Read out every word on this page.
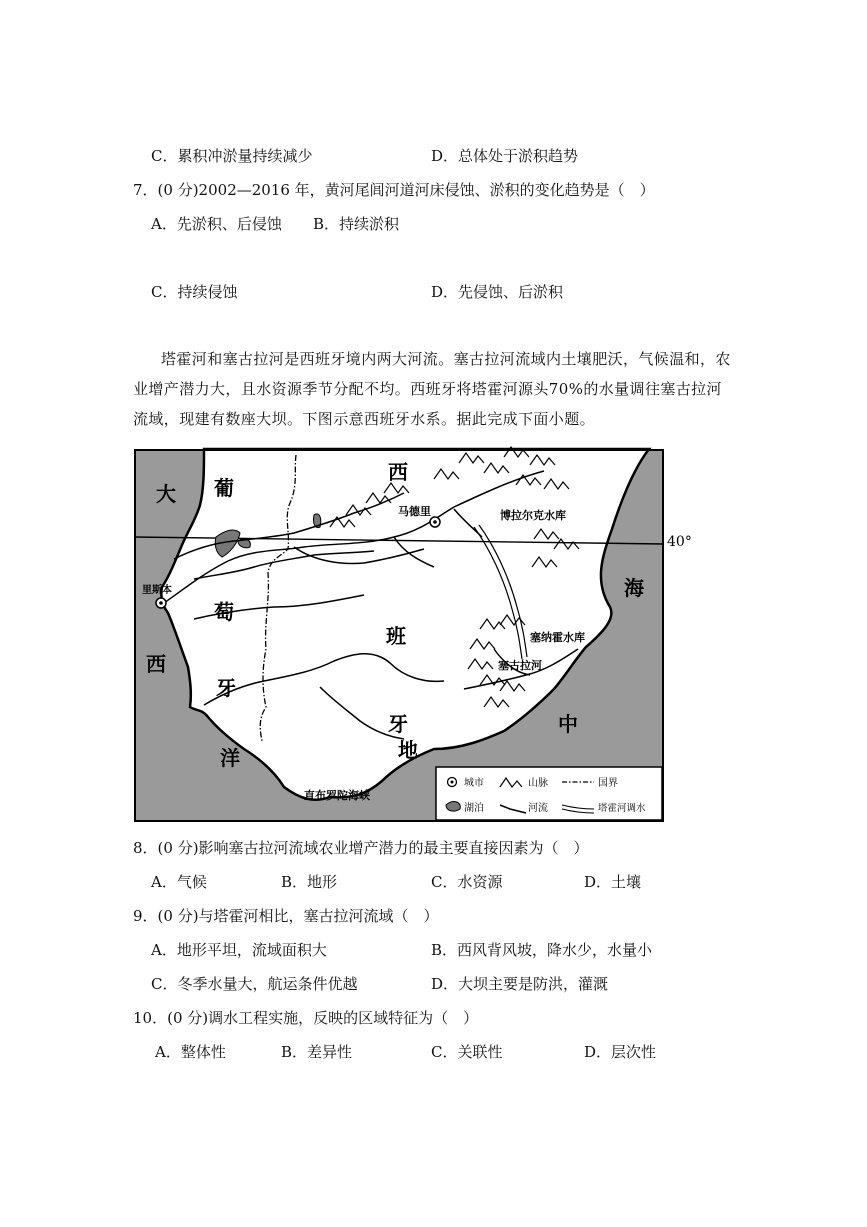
C．累积冲淤量持续减少	D．总体处于淤积趋势
7．(0 分)2002—2016 年，黄河尾闾河道河床侵蚀、淤积的变化趋势是（　）
A．先淤积、后侵蚀 B．持续淤积
C．持续侵蚀	D．先侵蚀、后淤积
塔霍河和塞古拉河是西班牙境内两大河流。塞古拉河流域内土壤肥沃，气候温和，农业增产潜力大，且水资源季节分配不均。西班牙将塔霍河源头70%的水量调往塞古拉河流域，现建有数座大坝。下图示意西班牙水系。据此完成下面小题。
40°
大
西
洋
海
中
地
葡
萄
牙
西
班
牙
马德里
里斯本
博拉尔克水库
塞纳霍水库
塞古拉河
直布罗陀海峡
城市	山脉	国界
湖泊	河流	塔霍河调水
8．(0 分)影响塞古拉河流域农业增产潜力的最主要直接因素为（　）
A．气候	B．地形	C．水资源	D．土壤
9．(0 分)与塔霍河相比，塞古拉河流域（　）
A．地形平坦，流域面积大	B．西风背风坡，降水少，水量小
C．冬季水量大，航运条件优越	D．大坝主要是防洪，灌溉
10．(0 分)调水工程实施，反映的区域特征为（　）
A．整体性	B．差异性	C．关联性	D．层次性
